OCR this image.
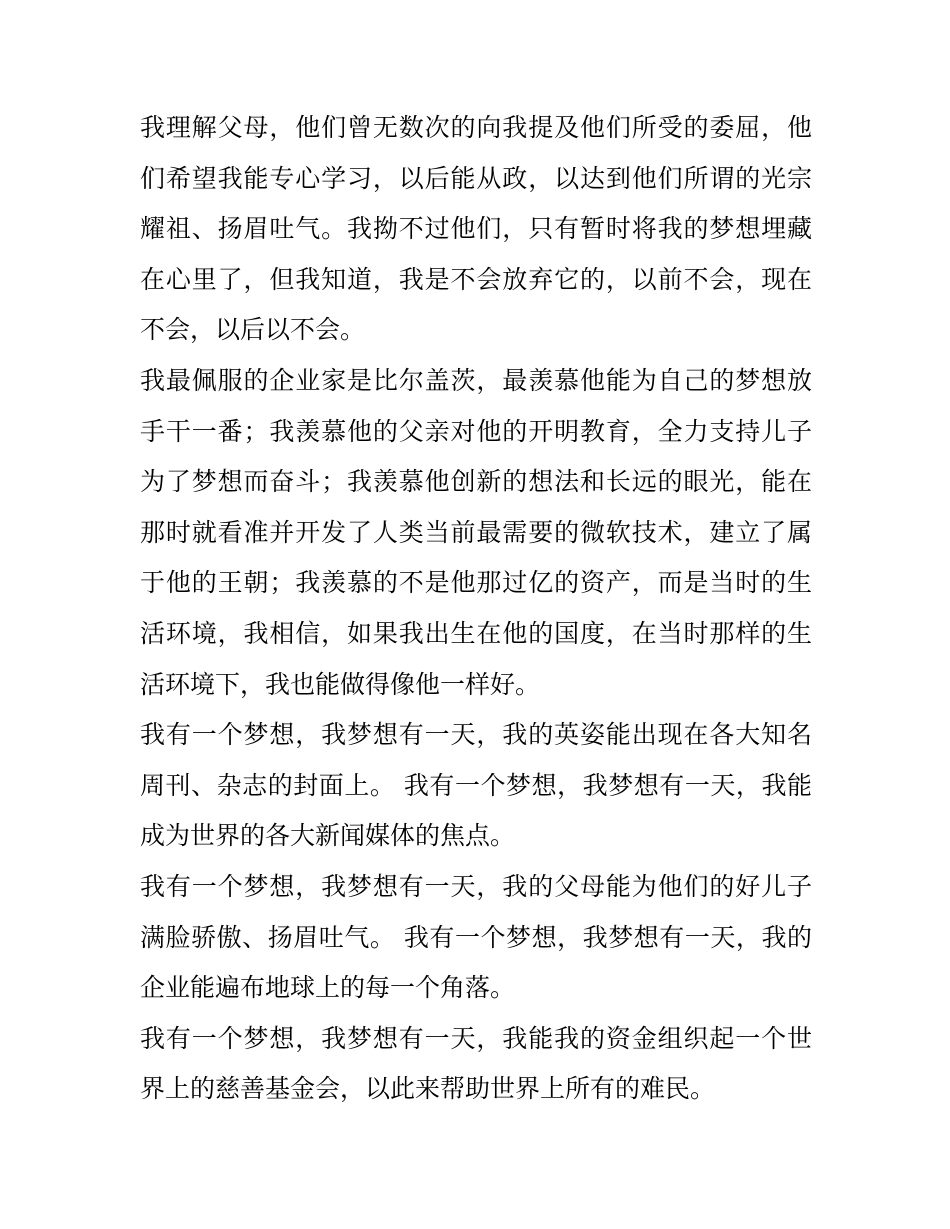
我理解父母，他们曾无数次的向我提及他们所受的委屈，他们希望我能专心学习，以后能从政，以达到他们所谓的光宗耀祖、扬眉吐气。我拗不过他们，只有暂时将我的梦想埋藏在心里了，但我知道，我是不会放弃它的，以前不会，现在不会，以后以不会。

我最佩服的企业家是比尔盖茨，最羡慕他能为自己的梦想放手干一番；我羡慕他的父亲对他的开明教育，全力支持儿子为了梦想而奋斗；我羡慕他创新的想法和长远的眼光，能在那时就看准并开发了人类当前最需要的微软技术，建立了属于他的王朝；我羡慕的不是他那过亿的资产，而是当时的生活环境，我相信，如果我出生在他的国度，在当时那样的生活环境下，我也能做得像他一样好。

我有一个梦想，我梦想有一天，我的英姿能出现在各大知名周刊、杂志的封面上。 我有一个梦想，我梦想有一天，我能成为世界的各大新闻媒体的焦点。

我有一个梦想，我梦想有一天，我的父母能为他们的好儿子满脸骄傲、扬眉吐气。 我有一个梦想，我梦想有一天，我的企业能遍布地球上的每一个角落。

我有一个梦想，我梦想有一天，我能我的资金组织起一个世界上的慈善基金会，以此来帮助世界上所有的难民。
